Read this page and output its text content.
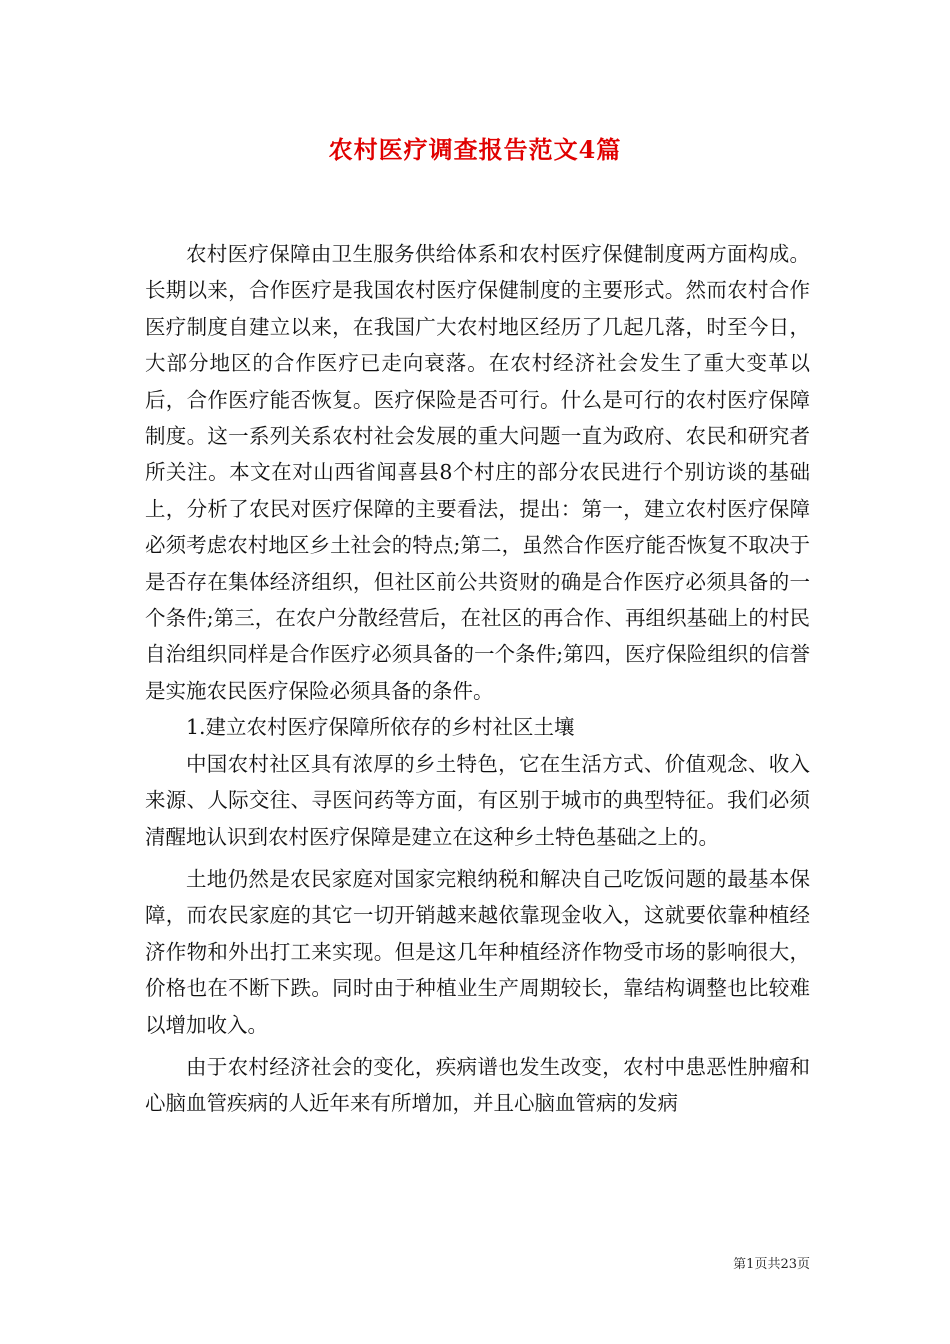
农村医疗调查报告范文4篇

农村医疗保障由卫生服务供给体系和农村医疗保健制度两方面构成。长期以来，合作医疗是我国农村医疗保健制度的主要形式。然而农村合作医疗制度自建立以来，在我国广大农村地区经历了几起几落，时至今日，大部分地区的合作医疗已走向衰落。在农村经济社会发生了重大变革以后，合作医疗能否恢复。医疗保险是否可行。什么是可行的农村医疗保障制度。这一系列关系农村社会发展的重大问题一直为政府、农民和研究者所关注。本文在对山西省闻喜县8个村庄的部分农民进行个别访谈的基础上，分析了农民对医疗保障的主要看法，提出：第一，建立农村医疗保障必须考虑农村地区乡土社会的特点;第二，虽然合作医疗能否恢复不取决于是否存在集体经济组织，但社区前公共资财的确是合作医疗必须具备的一个条件;第三，在农户分散经营后，在社区的再合作、再组织基础上的村民自治组织同样是合作医疗必须具备的一个条件;第四，医疗保险组织的信誉是实施农民医疗保险必须具备的条件。

1.建立农村医疗保障所依存的乡村社区土壤

中国农村社区具有浓厚的乡土特色，它在生活方式、价值观念、收入来源、人际交往、寻医问药等方面，有区别于城市的典型特征。我们必须清醒地认识到农村医疗保障是建立在这种乡土特色基础之上的。

土地仍然是农民家庭对国家完粮纳税和解决自己吃饭问题的最基本保障，而农民家庭的其它一切开销越来越依靠现金收入，这就要依靠种植经济作物和外出打工来实现。但是这几年种植经济作物受市场的影响很大，价格也在不断下跌。同时由于种植业生产周期较长，靠结构调整也比较难以增加收入。

由于农村经济社会的变化，疾病谱也发生改变，农村中患恶性肿瘤和心脑血管疾病的人近年来有所增加，并且心脑血管病的发病

第1页共23页
